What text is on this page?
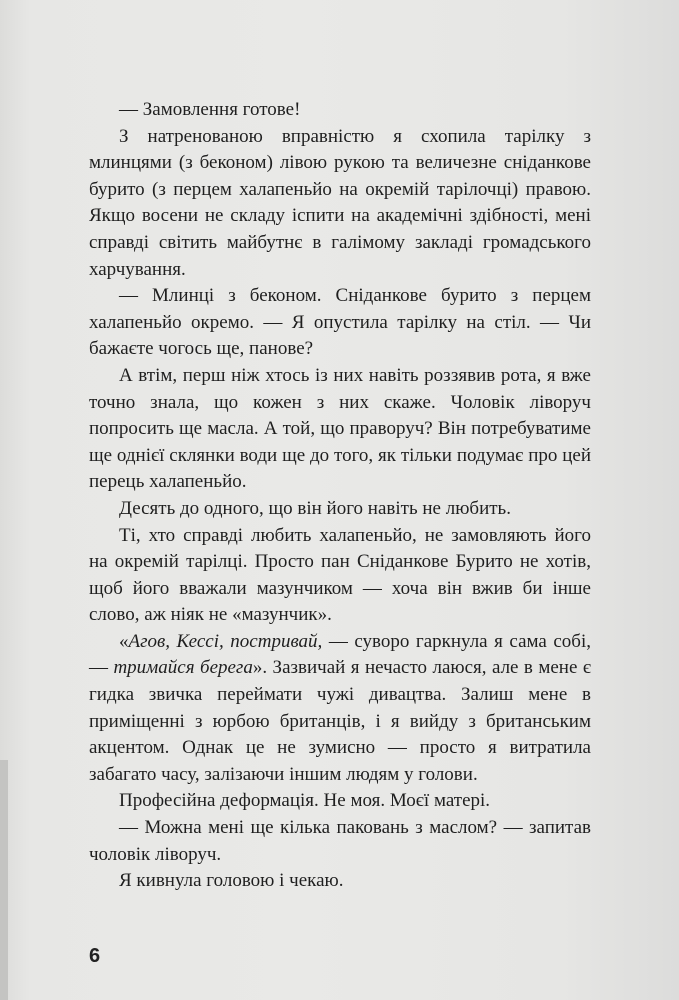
— Замовлення готове!

З натренованою вправністю я схопила тарілку з млинцями (з беконом) лівою рукою та величезне сніданкове бурито (з перцем халапеньйо на окремій тарілочці) правою. Якщо восени не складу іспити на академічні здібності, мені справді світить майбутнє в галімому закладі громадського харчування.

— Млинці з беконом. Сніданкове бурито з перцем халапеньйо окремо. — Я опустила тарілку на стіл. — Чи бажаєте чогось ще, панове?

А втім, перш ніж хтось із них навіть роззявив рота, я вже точно знала, що кожен з них скаже. Чоловік ліворуч попросить ще масла. А той, що праворуч? Він потребуватиме ще однієї склянки води ще до того, як тільки подумає про цей перець халапеньйо.

Десять до одного, що він його навіть не любить.

Ті, хто справді любить халапеньйо, не замовляють його на окремій тарілці. Просто пан Сніданкове Бурито не хотів, щоб його вважали мазунчиком — хоча він вжив би інше слово, аж ніяк не «мазунчик».

«Агов, Кессі, постривай, — суворо гаркнула я сама собі, — тримайся берега». Зазвичай я нечасто лаюся, але в мене є гидка звичка переймати чужі дивацтва. Залиш мене в приміщенні з юрбою британців, і я вийду з британським акцентом. Однак це не зумисно — просто я витратила забагато часу, залізаючи іншим людям у голови.

Професійна деформація. Не моя. Моєї матері.

— Можна мені ще кілька паковань з маслом? — запитав чоловік ліворуч.

Я кивнула головою і чекаю.

6
